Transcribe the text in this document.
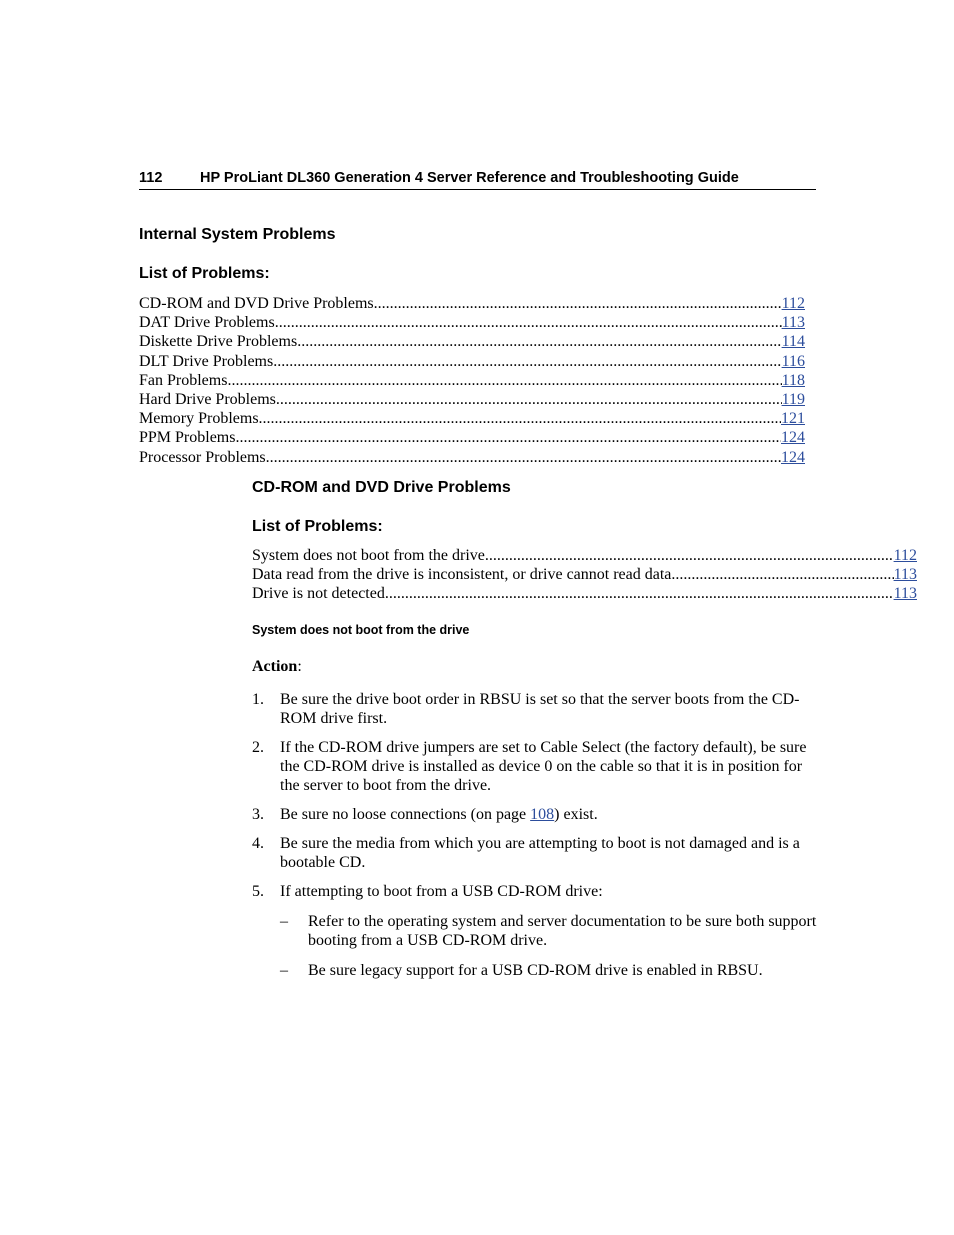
112	HP ProLiant DL360 Generation 4 Server Reference and Troubleshooting Guide
Internal System Problems
List of Problems:
CD-ROM and DVD Drive Problems .....	112
DAT Drive Problems .....	113
Diskette Drive Problems .....	114
DLT Drive Problems .....	116
Fan Problems .....	118
Hard Drive Problems .....	119
Memory Problems .....	121
PPM Problems .....	124
Processor Problems .....	124
CD-ROM and DVD Drive Problems
List of Problems:
System does not boot from the drive .....	112
Data read from the drive is inconsistent, or drive cannot read data .....	113
Drive is not detected .....	113
System does not boot from the drive
Action:
1.	Be sure the drive boot order in RBSU is set so that the server boots from the CD-ROM drive first.
2.	If the CD-ROM drive jumpers are set to Cable Select (the factory default), be sure the CD-ROM drive is installed as device 0 on the cable so that it is in position for the server to boot from the drive.
3.	Be sure no loose connections (on page 108) exist.
4.	Be sure the media from which you are attempting to boot is not damaged and is a bootable CD.
5.	If attempting to boot from a USB CD-ROM drive:
–	Refer to the operating system and server documentation to be sure both support booting from a USB CD-ROM drive.
–	Be sure legacy support for a USB CD-ROM drive is enabled in RBSU.
